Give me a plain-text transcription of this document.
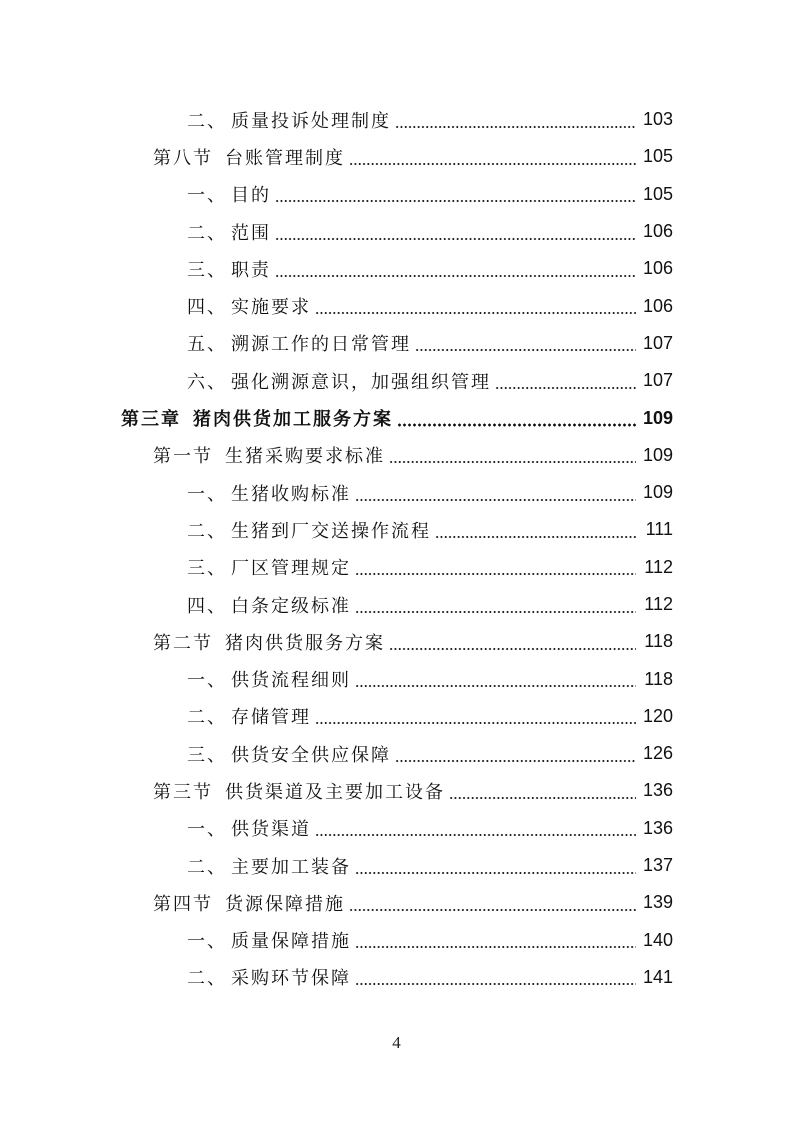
二、 质量投诉处理制度	103
第八节 台账管理制度	105
一、 目的	105
二、 范围	106
三、 职责	106
四、 实施要求	106
五、 溯源工作的日常管理	107
六、 强化溯源意识，加强组织管理	107
第三章 猪肉供货加工服务方案	109
第一节 生猪采购要求标准	109
一、 生猪收购标准	109
二、 生猪到厂交送操作流程	111
三、 厂区管理规定	112
四、 白条定级标准	112
第二节 猪肉供货服务方案	118
一、 供货流程细则	118
二、 存储管理	120
三、 供货安全供应保障	126
第三节 供货渠道及主要加工设备	136
一、 供货渠道	136
二、 主要加工装备	137
第四节 货源保障措施	139
一、 质量保障措施	140
二、 采购环节保障	141
4
